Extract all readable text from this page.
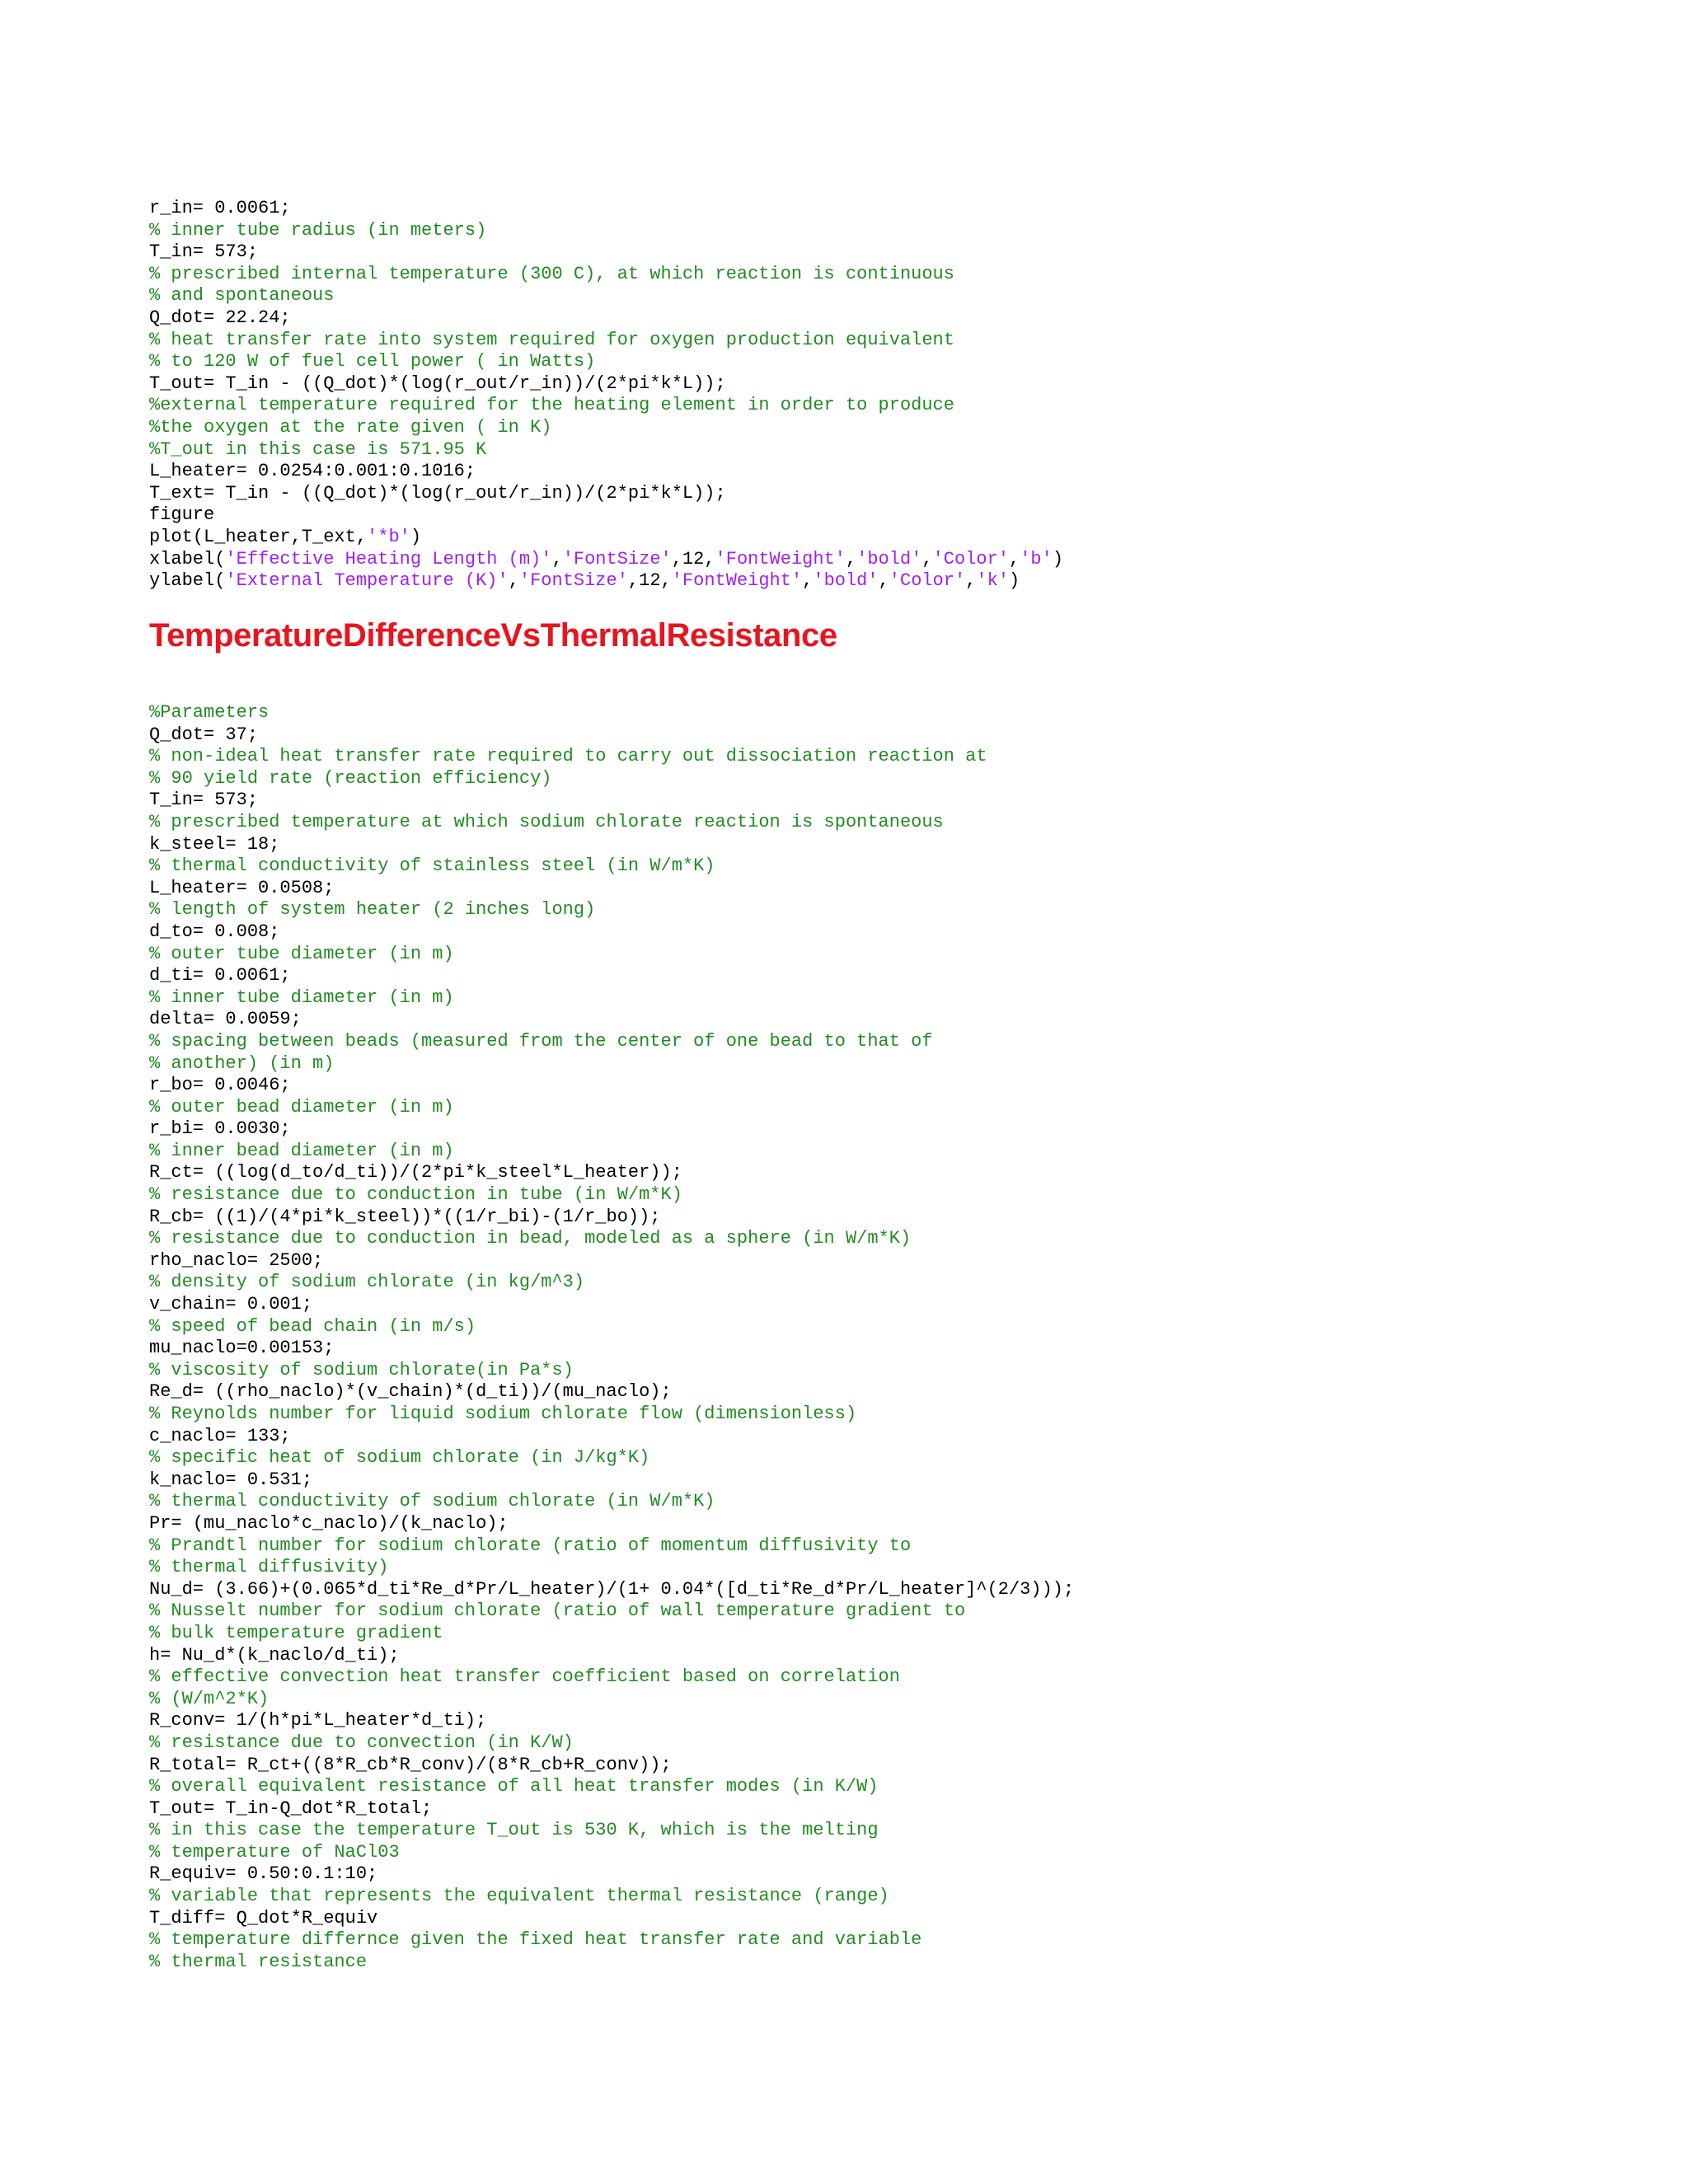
r_in= 0.0061;
% inner tube radius (in meters)
T_in= 573;
% prescribed internal temperature (300 C), at which reaction is continuous
% and spontaneous
Q_dot= 22.24;
% heat transfer rate into system required for oxygen production equivalent
% to 120 W of fuel cell power ( in Watts)
T_out= T_in - ((Q_dot)*(log(r_out/r_in))/(2*pi*k*L));
%external temperature required for the heating element in order to produce
%the oxygen at the rate given ( in K)
%T_out in this case is 571.95 K
L_heater= 0.0254:0.001:0.1016;
T_ext= T_in - ((Q_dot)*(log(r_out/r_in))/(2*pi*k*L));
figure
plot(L_heater,T_ext,'*b')
xlabel('Effective Heating Length (m)','FontSize',12,'FontWeight','bold','Color','b')
ylabel('External Temperature (K)','FontSize',12,'FontWeight','bold','Color','k')
TemperatureDifferenceVsThermalResistance
%Parameters
Q_dot= 37;
% non-ideal heat transfer rate required to carry out dissociation reaction at
% 90 yield rate (reaction efficiency)
T_in= 573;
% prescribed temperature at which sodium chlorate reaction is spontaneous
k_steel= 18;
% thermal conductivity of stainless steel (in W/m*K)
L_heater= 0.0508;
% length of system heater (2 inches long)
d_to= 0.008;
% outer tube diameter (in m)
d_ti= 0.0061;
% inner tube diameter (in m)
delta= 0.0059;
% spacing between beads (measured from the center of one bead to that of
% another) (in m)
r_bo= 0.0046;
% outer bead diameter (in m)
r_bi= 0.0030;
% inner bead diameter (in m)
R_ct= ((log(d_to/d_ti))/(2*pi*k_steel*L_heater));
% resistance due to conduction in tube (in W/m*K)
R_cb= ((1)/(4*pi*k_steel))*((1/r_bi)-(1/r_bo));
% resistance due to conduction in bead, modeled as a sphere (in W/m*K)
rho_naclo= 2500;
% density of sodium chlorate (in kg/m^3)
v_chain= 0.001;
% speed of bead chain (in m/s)
mu_naclo=0.00153;
% viscosity of sodium chlorate(in Pa*s)
Re_d= ((rho_naclo)*(v_chain)*(d_ti))/(mu_naclo);
% Reynolds number for liquid sodium chlorate flow (dimensionless)
c_naclo= 133;
% specific heat of sodium chlorate (in J/kg*K)
k_naclo= 0.531;
% thermal conductivity of sodium chlorate (in W/m*K)
Pr= (mu_naclo*c_naclo)/(k_naclo);
% Prandtl number for sodium chlorate (ratio of momentum diffusivity to
% thermal diffusivity)
Nu_d= (3.66)+(0.065*d_ti*Re_d*Pr/L_heater)/(1+ 0.04*([d_ti*Re_d*Pr/L_heater]^(2/3)));
% Nusselt number for sodium chlorate (ratio of wall temperature gradient to
% bulk temperature gradient
h= Nu_d*(k_naclo/d_ti);
% effective convection heat transfer coefficient based on correlation
% (W/m^2*K)
R_conv= 1/(h*pi*L_heater*d_ti);
% resistance due to convection (in K/W)
R_total= R_ct+((8*R_cb*R_conv)/(8*R_cb+R_conv));
% overall equivalent resistance of all heat transfer modes (in K/W)
T_out= T_in-Q_dot*R_total;
% in this case the temperature T_out is 530 K, which is the melting
% temperature of NaCl03
R_equiv= 0.50:0.1:10;
% variable that represents the equivalent thermal resistance (range)
T_diff= Q_dot*R_equiv
% temperature differnce given the fixed heat transfer rate and variable
% thermal resistance
